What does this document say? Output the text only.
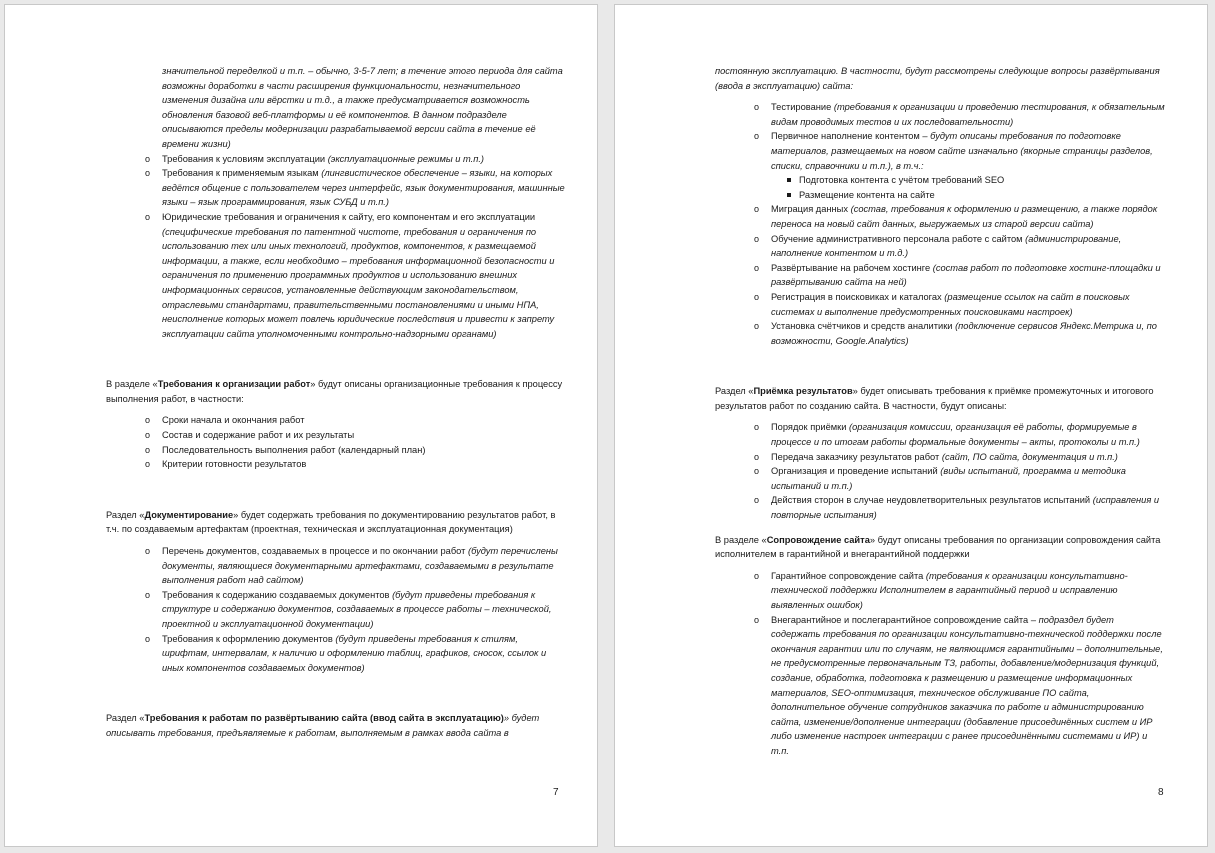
значительной переделкой и т.п. – обычно, 3-5-7 лет; в течение этого периода для сайта возможны доработки в части расширения функциональности, незначительного изменения дизайна или вёрстки и т.д., а также предусматривается возможность обновления базовой веб-платформы и её компонентов. В данном подразделе описываются пределы модернизации разрабатываемой версии сайта в течение её времени жизни)

o Требования к условиям эксплуатации (эксплуатационные режимы и т.п.)
o Требования к применяемым языкам (лингвистическое обеспечение – языки, на которых ведётся общение с пользователем через интерфейс, язык документирования, машинные языки – язык программирования, язык СУБД и т.п.)
o Юридические требования и ограничения к сайту, его компонентам и его эксплуатации (специфические требования по патентной чистоте, требования и ограничения по использованию тех или иных технологий, продуктов, компонентов, к размещаемой информации, а также, если необходимо – требования информационной безопасности и ограничения по применению программных продуктов и использованию внешних информационных сервисов, установленные действующим законодательством, отраслевыми стандартами, правительственными постановлениями и иными НПА, неисполнение которых может повлечь юридические последствия и привести к запрету эксплуатации сайта уполномоченными контрольно-надзорными органами)

В разделе «Требования к организации работ» будут описаны организационные требования к процессу выполнения работ, в частности:

o Сроки начала и окончания работ
o Состав и содержание работ и их результаты
o Последовательность выполнения работ (календарный план)
o Критерии готовности результатов

Раздел «Документирование» будет содержать требования по документированию результатов работ, в т.ч. по создаваемым артефактам (проектная, техническая и эксплуатационная документация)

o Перечень документов, создаваемых в процессе и по окончании работ (будут перечислены документы, являющиеся документарными артефактами, создаваемыми в результате выполнения работ над сайтом)
o Требования к содержанию создаваемых документов (будут приведены требования к структуре и содержанию документов, создаваемых в процессе работы – технической, проектной и эксплуатационной документации)
o Требования к оформлению документов (будут приведены требования к стилям, шрифтам, интервалам, к наличию и оформлению таблиц, графиков, сносок, ссылок и иных компонентов создаваемых документов)

Раздел «Требования к работам по развёртыванию сайта (ввод сайта в эксплуатацию)» будет описывать требования, предъявляемые к работам, выполняемым в рамках ввода сайта в

7

постоянную эксплуатацию. В частности, будут рассмотрены следующие вопросы развёртывания (ввода в эксплуатацию) сайта:

o Тестирование (требования к организации и проведению тестирования, к обязательным видам проводимых тестов и их последовательности)
o Первичное наполнение контентом – будут описаны требования по подготовке материалов, размещаемых на новом сайте изначально (якорные страницы разделов, списки, справочники и т.п.), в т.ч.:
Подготовка контента с учётом требований SEO
Размещение контента на сайте
o Миграция данных (состав, требования к оформлению и размещению, а также порядок переноса на новый сайт данных, выгружаемых из старой версии сайта)
o Обучение административного персонала работе с сайтом (администрирование, наполнение контентом и т.д.)
o Развёртывание на рабочем хостинге (состав работ по подготовке хостинг-площадки и развёртыванию сайта на ней)
o Регистрация в поисковиках и каталогах (размещение ссылок на сайт в поисковых системах и выполнение предусмотренных поисковиками настроек)
o Установка счётчиков и средств аналитики (подключение сервисов Яндекс.Метрика и, по возможности, Google.Analytics)

Раздел «Приёмка результатов» будет описывать требования к приёмке промежуточных и итогового результатов работ по созданию сайта. В частности, будут описаны:

o Порядок приёмки (организация комиссии, организация её работы, формируемые в процессе и по итогам работы формальные документы – акты, протоколы и т.п.)
o Передача заказчику результатов работ (сайт, ПО сайта, документация и т.п.)
o Организация и проведение испытаний (виды испытаний, программа и методика испытаний и т.п.)
o Действия сторон в случае неудовлетворительных результатов испытаний (исправления и повторные испытания)

В разделе «Сопровождение сайта» будут описаны требования по организации сопровождения сайта исполнителем в гарантийной и внегарантийной поддержки

o Гарантийное сопровождение сайта (требования к организации консультативно-технической поддержки Исполнителем в гарантийный период и исправлению выявленных ошибок)
o Внегарантийное и послегарантийное сопровождение сайта – подраздел будет содержать требования по организации консультативно-технической поддержки после окончания гарантии или по случаям, не являющимся гарантийными – дополнительные, не предусмотренные первоначальным ТЗ, работы, добавление/модернизация функций, создание, обработка, подготовка к размещению и размещение информационных материалов, SEO-оптимизация, техническое обслуживание ПО сайта, дополнительное обучение сотрудников заказчика по работе и администрированию сайта, изменение/дополнение интеграции (добавление присоединённых систем и ИР либо изменение настроек интеграции с ранее присоединёнными системами и ИР) и т.п.
8
